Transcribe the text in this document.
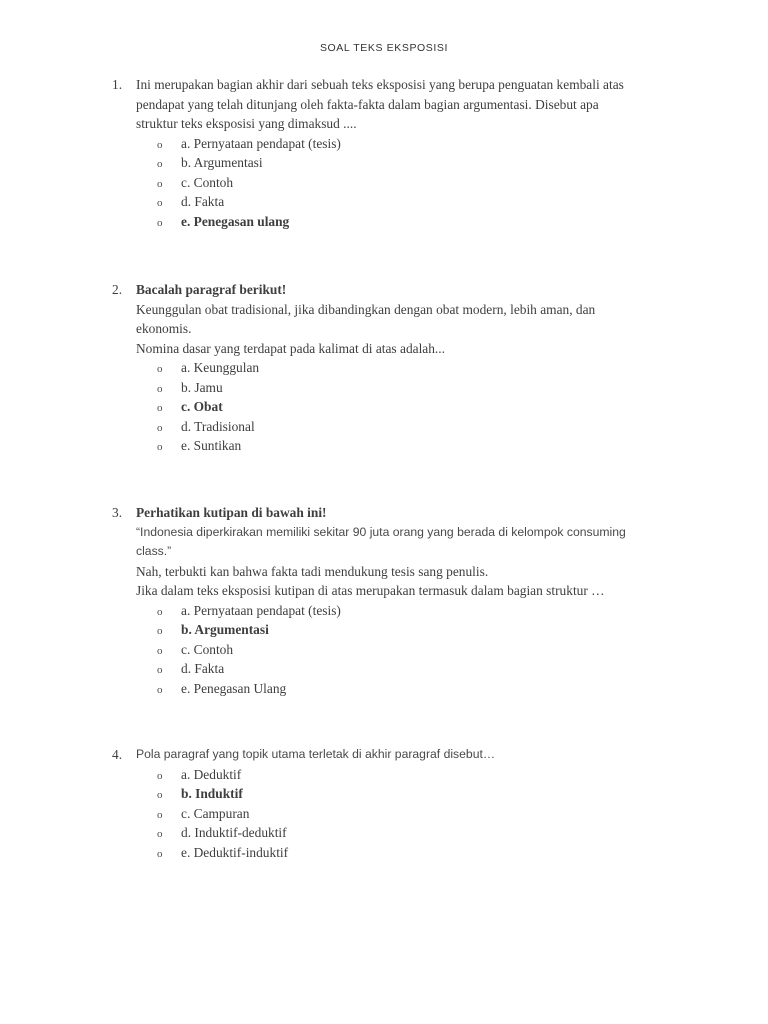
SOAL TEKS EKSPOSISI
1. Ini merupakan bagian akhir dari sebuah teks eksposisi yang berupa penguatan kembali atas
pendapat yang telah ditunjang oleh fakta-fakta dalam bagian argumentasi. Disebut apa
struktur teks eksposisi yang dimaksud ....
o a. Pernyataan pendapat (tesis)
o b. Argumentasi
o c. Contoh
o d. Fakta
o e. Penegasan ulang
2. Bacalah paragraf berikut!
Keunggulan obat tradisional, jika dibandingkan dengan obat modern, lebih aman, dan
ekonomis.
Nomina dasar yang terdapat pada kalimat di atas adalah...
o a. Keunggulan
o b. Jamu
o c. Obat
o d. Tradisional
o e. Suntikan
3. Perhatikan kutipan di bawah ini!
“Indonesia diperkirakan memiliki sekitar 90 juta orang yang berada di kelompok consuming
class.”
Nah, terbukti kan bahwa fakta tadi mendukung tesis sang penulis.
Jika dalam teks eksposisi kutipan di atas merupakan termasuk dalam bagian struktur …
o a. Pernyataan pendapat (tesis)
o b. Argumentasi
o c. Contoh
o d. Fakta
o e. Penegasan Ulang
4. Pola paragraf yang topik utama terletak di akhir paragraf disebut…
o a. Deduktif
o b. Induktif
o c. Campuran
o d. Induktif-deduktif
o e. Deduktif-induktif
